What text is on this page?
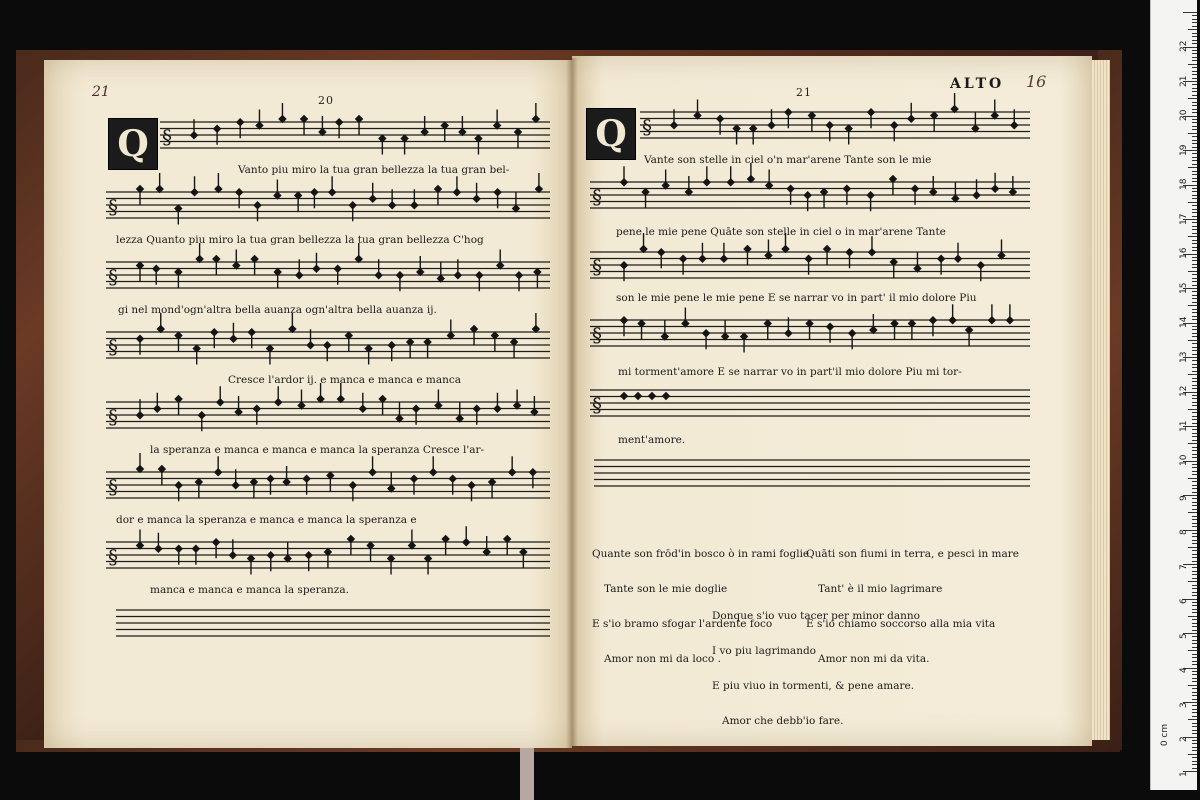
22
21
20
19
18
17
16
15
14
13
12
11
10
9
8
7
6
5
4
3
2
1
0 cm
21
20
21
ALTO 16
Q	Q
§
§
§
§
§
§
§
§
§
§
§
§
Vanto piu miro la tua gran bellezza la tua gran bel-
lezza Quanto piu miro la tua gran bellezza la tua gran bellezza C'hog
gi nel mond'ogn'altra bella auanza ogn'altra bella auanza ij.
Cresce l'ardor ij. e manca e manca e manca
la speranza e manca e manca e manca la speranza Cresce l'ar-
dor e manca la speranza e manca e manca la speranza e
manca e manca e manca la speranza.
Vante son stelle in ciel o'n mar'arene Tante son le mie
pene le mie pene Quāte son stelle in ciel o in mar'arene Tante
son le mie pene le mie pene E se narrar vo in part' il mio dolore Piu
mi torment'amore E se narrar vo in part'il mio dolore Piu mi tor-
ment'amore.

Quante son frōd'in bosco ò in rami foglie

Tante son le mie doglie

E s'io bramo sfogar l'ardente foco

Amor non mi da loco .

Quāti son fiumi in terra, e pesci in mare

Tant' è il mio lagrimare

E s'io chiamo soccorso alla mia vita

Amor non mi da vita.

Donque s'io vuo tacer per minor danno

I vo piu lagrimando

E piu viuo in tormenti, & pene amare.

Amor che debb'io fare.
